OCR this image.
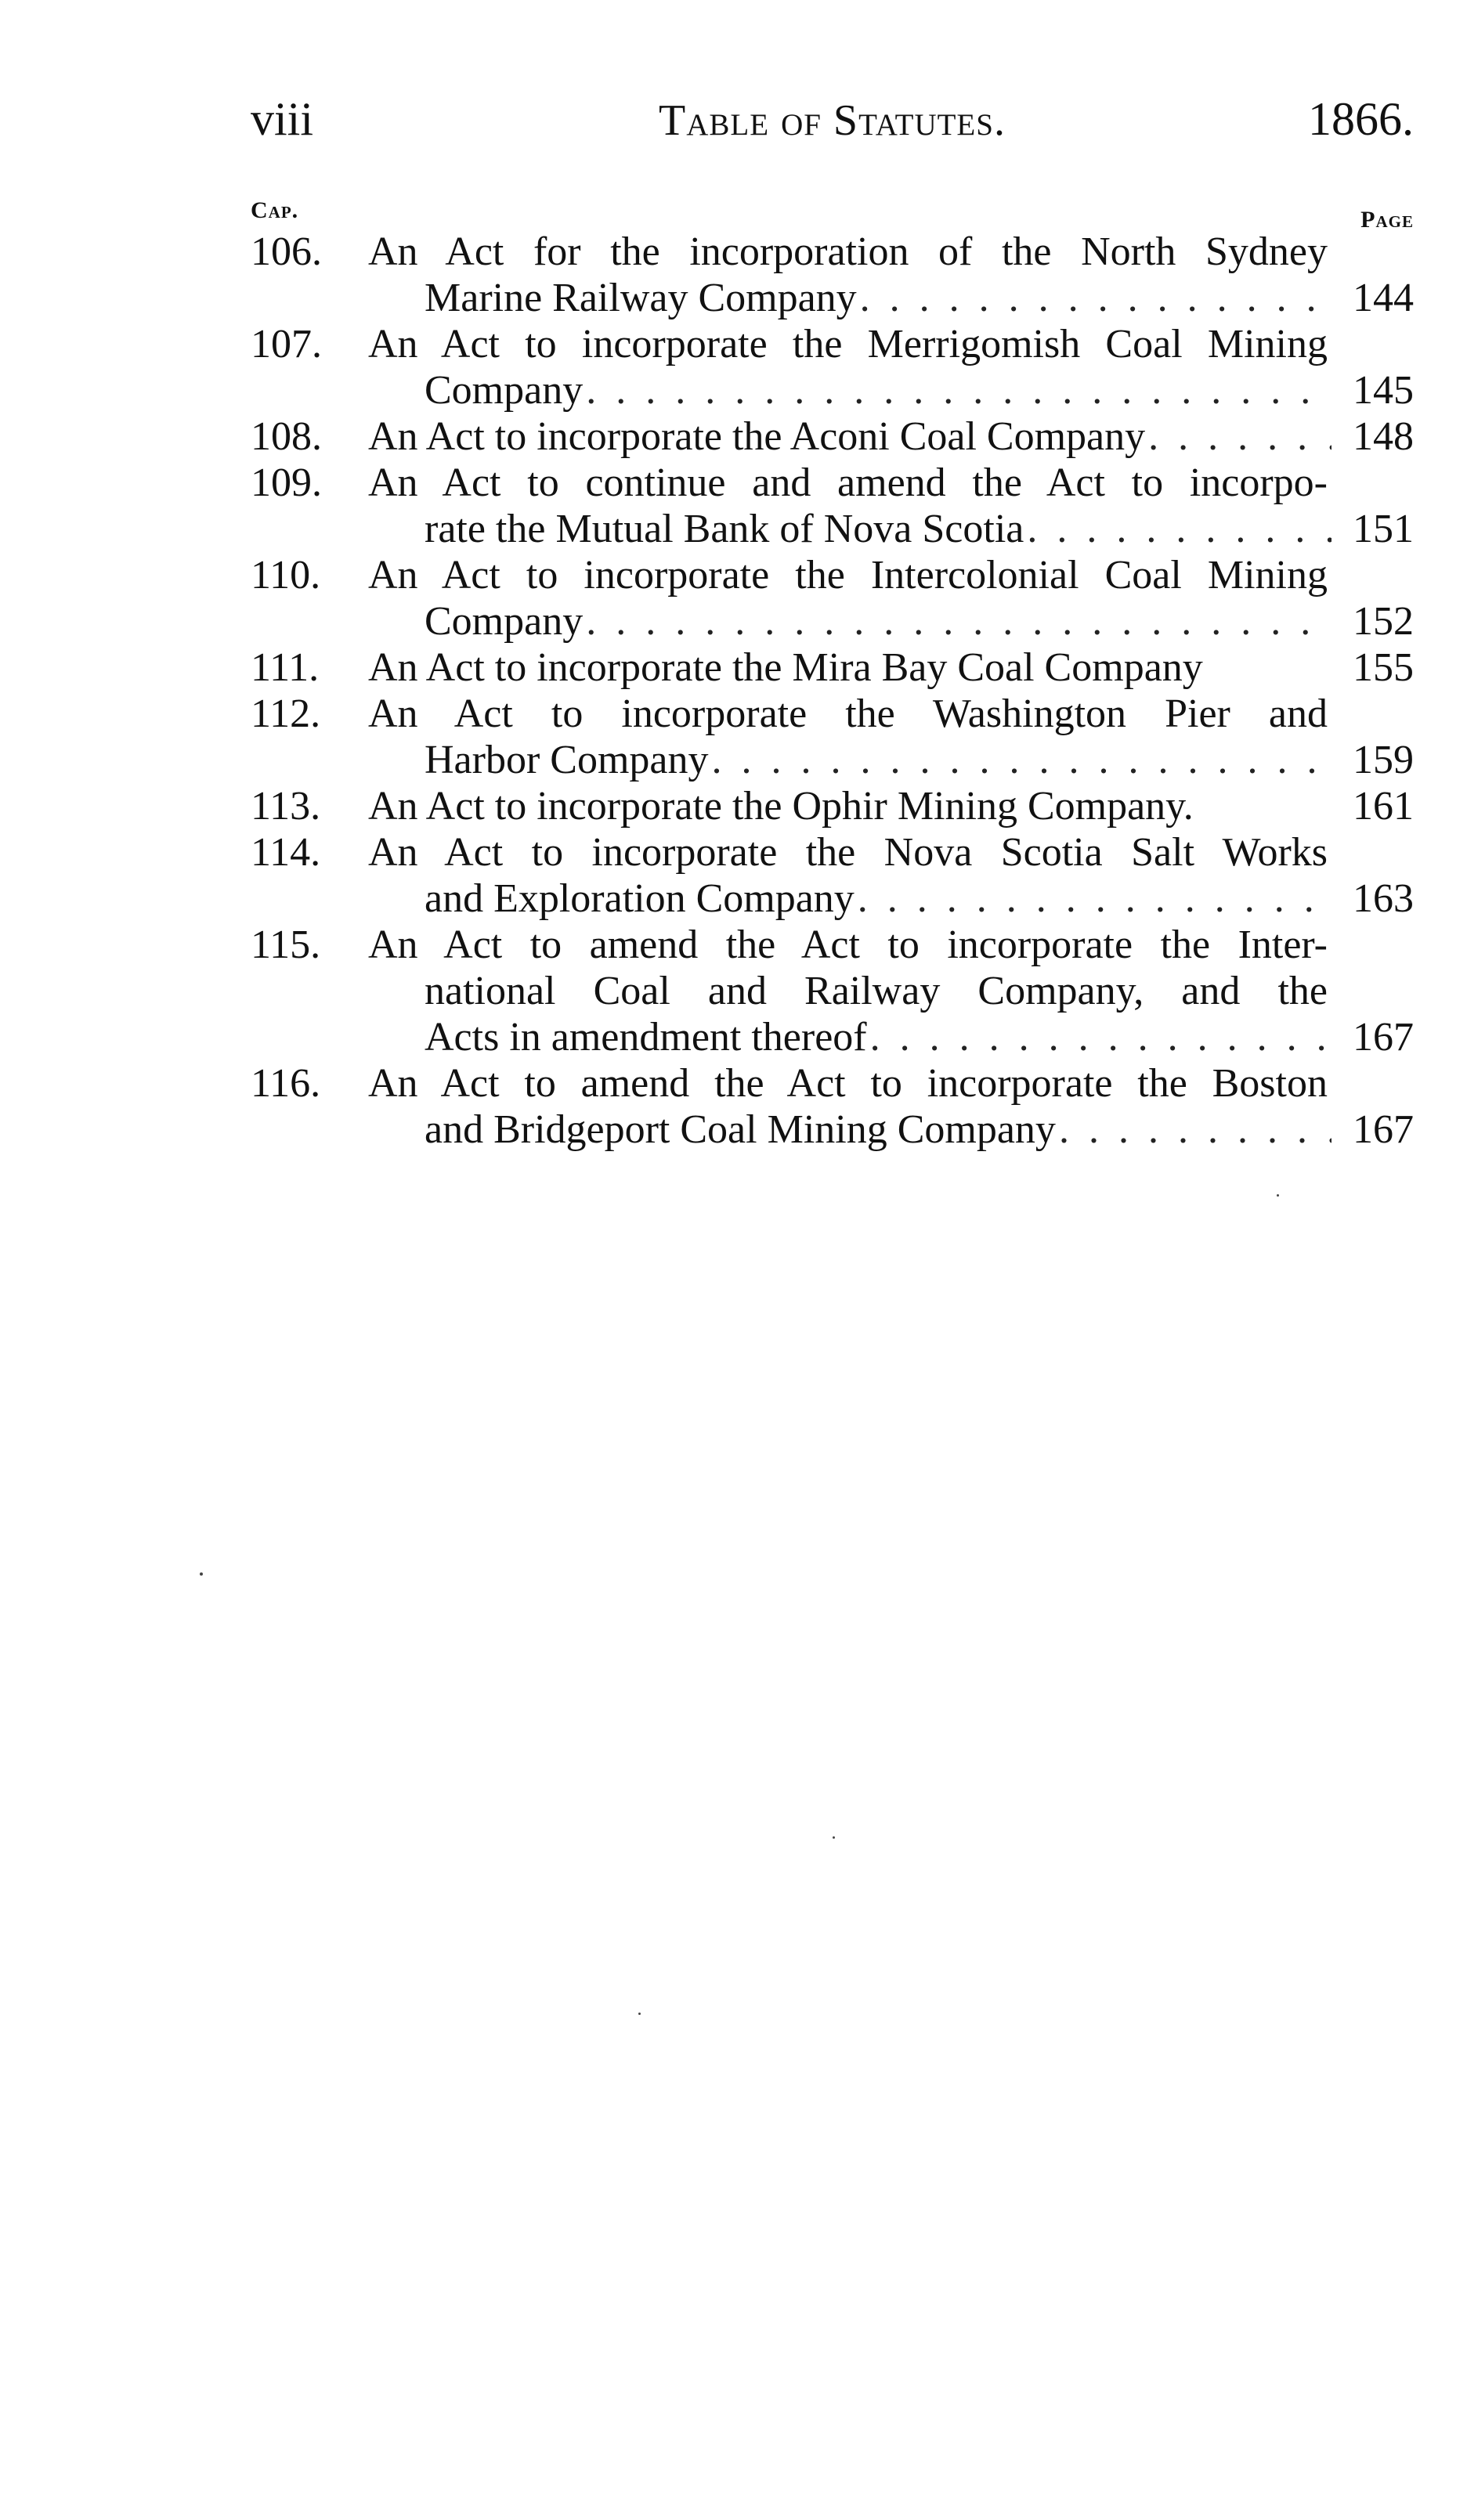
viii	Table of Statutes.	1866.
Cap.	Page
106.	An Act for the incorporation of the North Sydney
Marine Railway Company . . .	144
107.	An Act to incorporate the Merrigomish Coal Mining
Company . . .	145
108.	An Act to incorporate the Aconi Coal Company . . .	148
109.	An Act to continue and amend the Act to incorpo-
rate the Mutual Bank of Nova Scotia . . .	151
110.	An Act to incorporate the Intercolonial Coal Mining
Company . . .	152
111.	An Act to incorporate the Mira Bay Coal Company	155
112.	An Act to incorporate the Washington Pier and
Harbor Company . . .	159
113.	An Act to incorporate the Ophir Mining Company.	161
114.	An Act to incorporate the Nova Scotia Salt Works
and Exploration Company . . .	163
115.	An Act to amend the Act to incorporate the Inter-
national Coal and Railway Company, and the
Acts in amendment thereof . . .	167
116.	An Act to amend the Act to incorporate the Boston
and Bridgeport Coal Mining Company . . .	167
